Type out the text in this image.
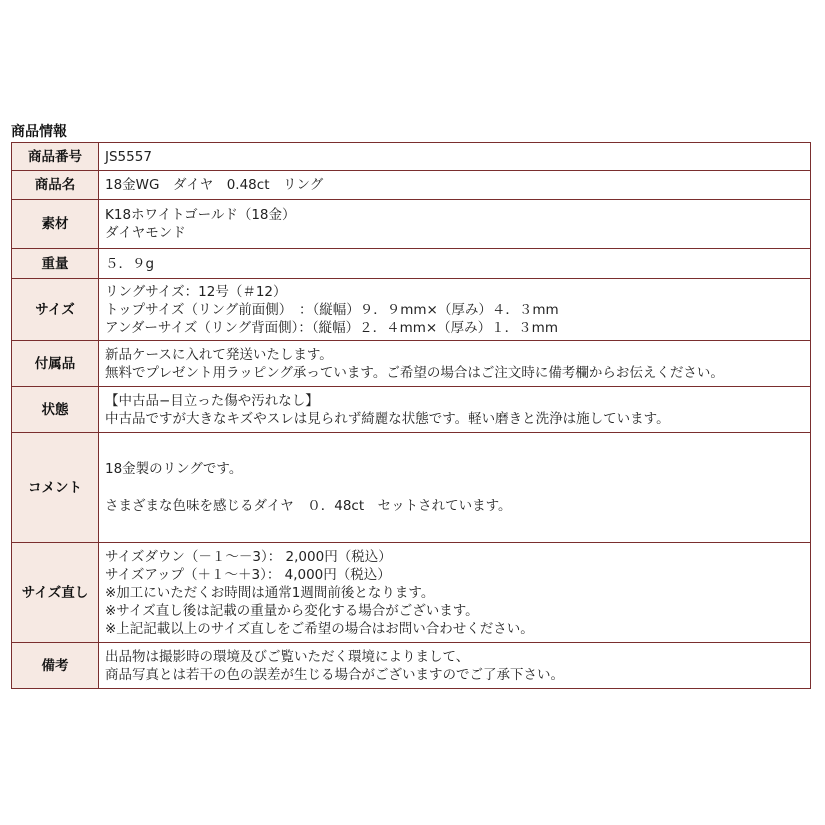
商品情報
商品番号	JS5557
商品名	18金WG　ダイヤ　0.48ct　リング
素材	K18ホワイトゴールド（18金）
ダイヤモンド

重量	５．９g
サイズ	リングサイズ：12号（＃12）
トップサイズ（リング前面側）　：（縦幅）９．９mm×（厚み）４．３mm
アンダーサイズ（リング背面側）：（縦幅）２．４mm×（厚み）１．３mm

付属品	新品ケースに入れて発送いたします。
無料でプレゼント用ラッピング承っています。ご希望の場合はご注文時に備考欄からお伝えください。

状態	【中古品−目立った傷や汚れなし】
中古品ですが大きなキズやスレは見られず綺麗な状態です。軽い磨きと洗浄は施しています。

コメント	18金製のリングです。
さまざまな色味を感じるダイヤ　０．48ct　セットされています。

サイズ直し	サイズダウン（－１～－3）： 2,000円（税込）
サイズアップ（＋１～＋3）： 4,000円（税込）
※加工にいただくお時間は通常1週間前後となります。
※サイズ直し後は記載の重量から変化する場合がございます。
※上記記載以上のサイズ直しをご希望の場合はお問い合わせください。

備考	出品物は撮影時の環境及びご覧いただく環境によりまして、
商品写真とは若干の色の誤差が生じる場合がございますのでご了承下さい。
